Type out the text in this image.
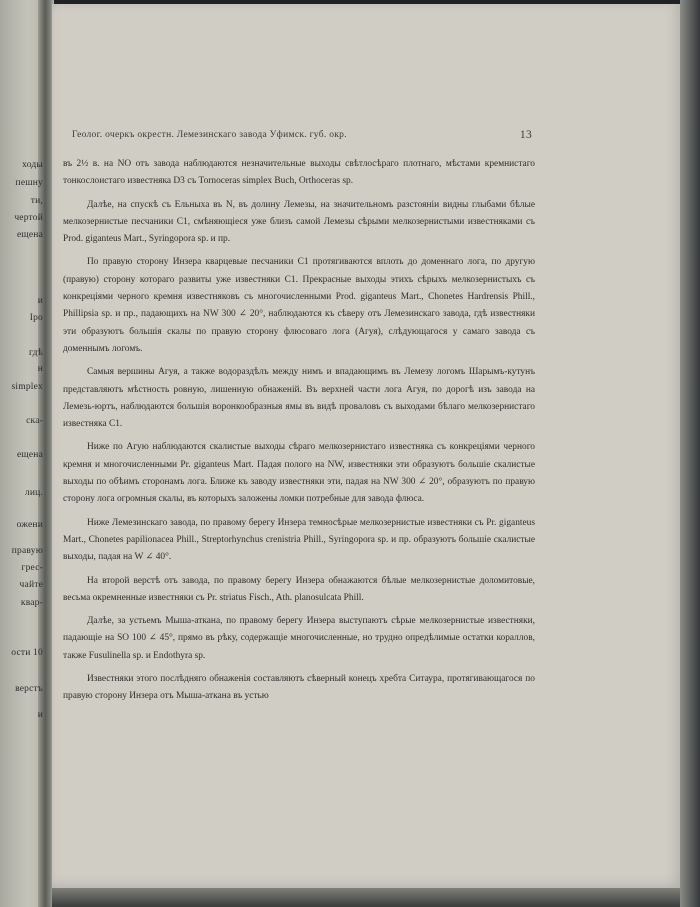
Геолог. очеркъ окрестн. Лемезинскаго завода Уфимск. губ. окр.	13

въ 2½ в. на NO отъ завода наблюдаются незначительные выходы свѣтлосѣраго плотнаго, мѣстами кремнистаго тонкослоистаго известняка D3 съ Tornoceras simplex Buch, Orthoceras sp.

Далѣе, на спускѣ съ Ельныха въ N, въ долину Лемезы, на значительномъ разстояніи видны глыбами бѣлые мелкозернистые песчаники C1, смѣняющіеся уже близъ самой Лемезы сѣрыми мелкозернистыми известняками съ Prod. giganteus Mart., Syringopora sp. и пр.

По правую сторону Инзера кварцевые песчаники C1 протягиваются вплоть до доменнаго лога, по другую (правую) сторону котораго развиты уже известняки C1. Прекрасные выходы этихъ сѣрыхъ мелкозернистыхъ съ конкреціями черного кремня известняковъ съ многочисленными Prod. giganteus Mart., Chonetes Hardrensis Phill., Phillipsia sp. и пр., падающихъ на NW 300 ∠ 20°, наблюдаются къ сѣверу отъ Лемезинскаго завода, гдѣ известняки эти образуютъ большія скалы по правую сторону флюсоваго лога (Агуя), слѣдующагося у самаго завода съ доменнымъ логомъ.

Самыя вершины Агуя, а также водораздѣлъ между нимъ и впадающимъ въ Лемезу логомъ Шарымъ-кутунъ представляютъ мѣстность ровную, лишенную обнаженій. Въ верхней части лога Агуя, по дорогѣ изъ завода на Лемезь-юртъ, наблюдаются большія воронкообразныя ямы въ видѣ проваловъ съ выходами бѣлаго мелкозернистаго известняка C1.

Ниже по Агую наблюдаются скалистые выходы сѣраго мелкозернистаго известняка съ конкреціями черного кремня и многочисленными Pr. giganteus Mart. Падая полого на NW, известняки эти образуютъ большіе скалистые выходы по обѣимъ сторонамъ лога. Ближе къ заводу известняки эти, падая на NW 300 ∠ 20°, образуютъ по правую сторону лога огромныя скалы, въ которыхъ заложены ломки потребные для завода флюса.

Ниже Лемезинскаго завода, по правому берегу Инзера темносѣрые мелкозернистые известняки съ Pr. giganteus Mart., Chonetes papilionacea Phill., Streptorhynchus crenistria Phill., Syringopora sp. и пр. образуютъ большіе скалистые выходы, падая на W ∠ 40°.

На второй верстѣ отъ завода, по правому берегу Инзера обнажаются бѣлые мелкозернистые доломитовые, весьма окремненные известняки съ Pr. striatus Fisch., Ath. planosulcata Phill.

Далѣе, за устьемъ Мыша-аткана, по правому берегу Инзера выступаютъ сѣрые мелкозернистые известняки, падающіе на SO 100 ∠ 45°, прямо въ рѣку, содержащіе многочисленные, но трудно опредѣлимые остатки кораллов, также Fusulinella sp. и Endothyra sp.

Известняки этого послѣдняго обнаженія составляютъ сѣверный конецъ хребта Ситаура, протягивающагося по правую сторону Инзера отъ Мыша-аткана въ устью

ходы
пешну
ти,
чертой
ещена
и
Ipo
гдѣ
н
simplex
ска-
ещена
лиц.
ожени
правую
грес-
чайте
квар-
ости 10
верстъ
и
